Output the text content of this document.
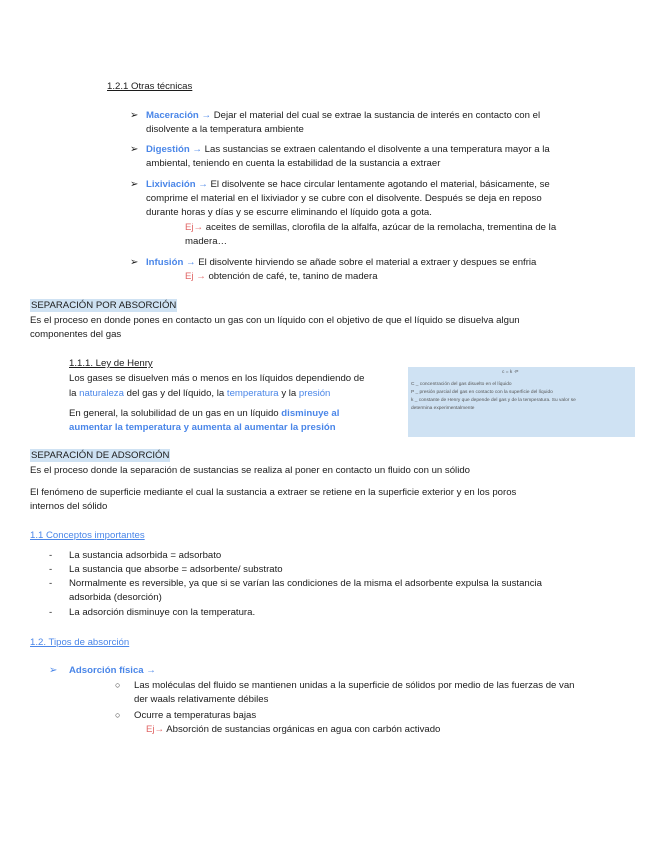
1.2.1 Otras técnicas
➢ Maceración → Dejar el material del cual se extrae la sustancia de interés en contacto con el
disolvente a la temperatura ambiente
➢ Digestión → Las sustancias se extraen calentando el disolvente a una temperatura mayor a la
ambiental, teniendo en cuenta la estabilidad de la sustancia a extraer
➢ Lixiviación → El disolvente se hace circular lentamente agotando el material, básicamente, se
comprime el material en el lixiviador y se cubre con el disolvente. Después se deja en reposo
durante horas y días y se escurre eliminando el líquido gota a gota.
Ej→ aceites de semillas, clorofila de la alfalfa, azúcar de la remolacha, trementina de la
madera…
➢ Infusión → El disolvente hirviendo se añade sobre el material a extraer y despues se enfria
Ej → obtención de café, te, tanino de madera
SEPARACIÓN POR ABSORCIÓN
Es el proceso en donde pones en contacto un gas con un líquido con el objetivo de que el líquido se disuelva algun
componentes del gas
1.1.1. Ley de Henry
Los gases se disuelven más o menos en los líquidos dependiendo de
la naturaleza del gas y del líquido, la temperatura y la presión
En general, la solubilidad de un gas en un líquido disminuye al
aumentar la temperatura y aumenta al aumentar la presión
c = k ·P
C _ concentración del gas disuelto en el líquido
P _ presión parcial del gas en contacto con la superficie del líquido
k _ constante de Henry que depende del gas y de la temperatura. Su valor se
determina experimentalmente
SEPARACIÓN DE ADSORCIÓN
Es el proceso donde la separación de sustancias se realiza al poner en contacto un fluido con un sólido
El fenómeno de superficie mediante el cual la sustancia a extraer se retiene en la superficie exterior y en los poros
internos del sólido
1.1 Conceptos importantes
- La sustancia adsorbida = adsorbato
- La sustancia que absorbe = adsorbente/ substrato
- Normalmente es reversible, ya que si se varían las condiciones de la misma el adsorbente expulsa la sustancia
adsorbida (desorción)
- La adsorción disminuye con la temperatura.
1.2. Tipos de absorción
➢ Adsorción física →
○ Las moléculas del fluido se mantienen unidas a la superficie de sólidos por medio de las fuerzas de van
der waals relativamente débiles
○ Ocurre a temperaturas bajas
Ej→ Absorción de sustancias orgánicas en agua con carbón activado
